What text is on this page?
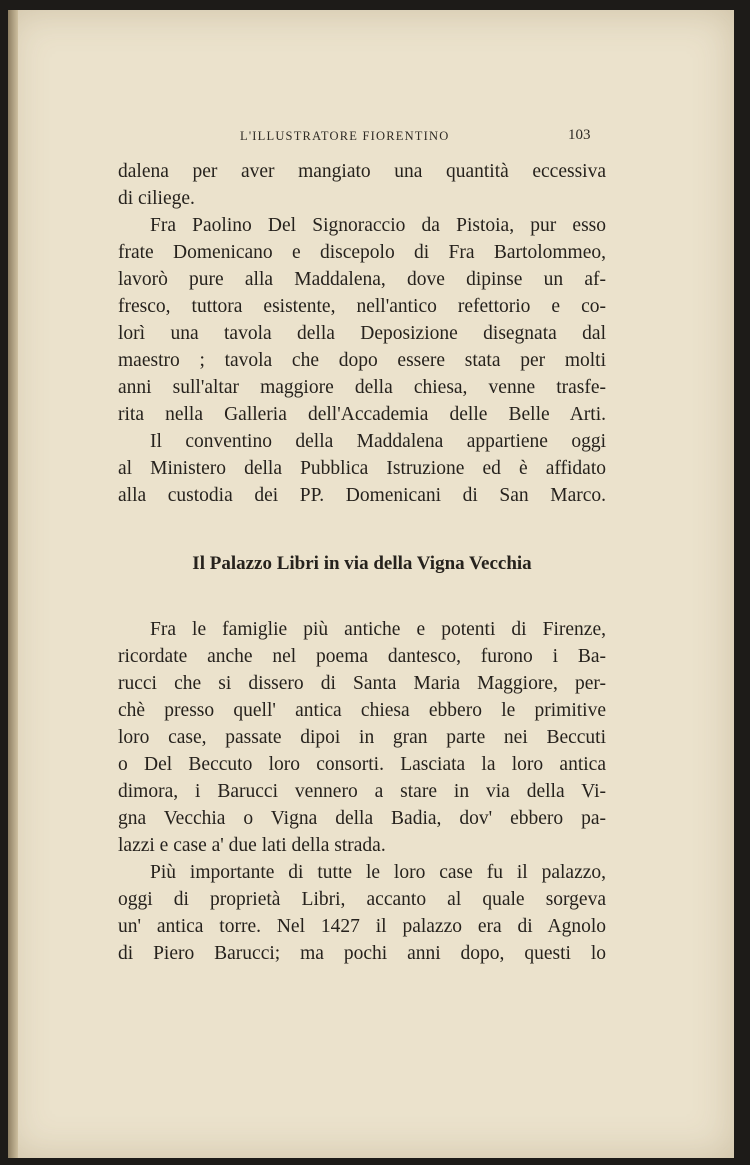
L'ILLUSTRATORE FIORENTINO	103
dalena per aver mangiato una quantità eccessiva
di ciliege.
Fra Paolino Del Signoraccio da Pistoia, pur esso
frate Domenicano e discepolo di Fra Bartolommeo,
lavorò pure alla Maddalena, dove dipinse un af-
fresco, tuttora esistente, nell'antico refettorio e co-
lorì una tavola della Deposizione disegnata dal
maestro ; tavola che dopo essere stata per molti
anni sull'altar maggiore della chiesa, venne trasfe-
rita nella Galleria dell'Accademia delle Belle Arti.
Il conventino della Maddalena appartiene oggi
al Ministero della Pubblica Istruzione ed è affidato
alla custodia dei PP. Domenicani di San Marco.
Il Palazzo Libri in via della Vigna Vecchia
Fra le famiglie più antiche e potenti di Firenze,
ricordate anche nel poema dantesco, furono i Ba-
rucci che si dissero di Santa Maria Maggiore, per-
chè presso quell' antica chiesa ebbero le primitive
loro case, passate dipoi in gran parte nei Beccuti
o Del Beccuto loro consorti. Lasciata la loro antica
dimora, i Barucci vennero a stare in via della Vi-
gna Vecchia o Vigna della Badia, dov' ebbero pa-
lazzi e case a' due lati della strada.
Più importante di tutte le loro case fu il palazzo,
oggi di proprietà Libri, accanto al quale sorgeva
un' antica torre. Nel 1427 il palazzo era di Agnolo
di Piero Barucci; ma pochi anni dopo, questi lo
